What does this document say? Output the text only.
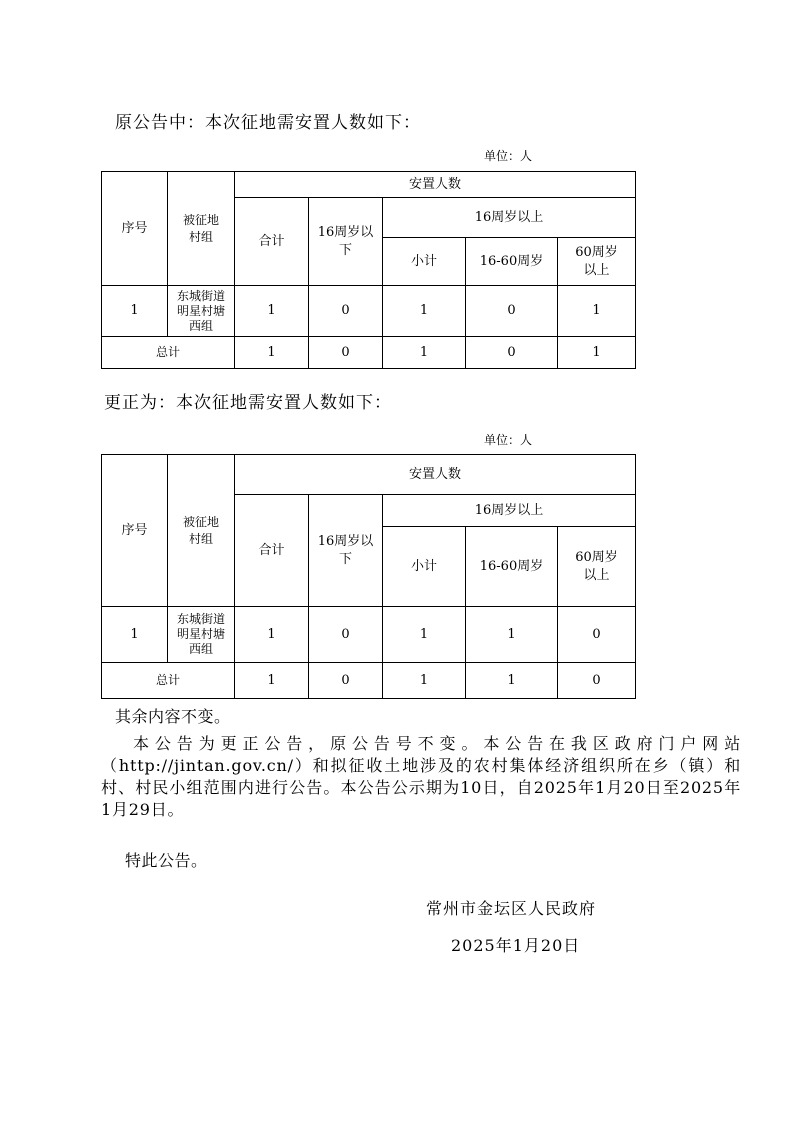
原公告中：本次征地需安置人数如下：
单位：人
序号	被征地村组	安置人数				
		合计	16周岁以下	16周岁以上		
				小计	16-60周岁	60周岁以上
1	东城街道明星村塘西组	1	0	1	0	1
总计		1	0	1	0	1
更正为：本次征地需安置人数如下：
单位：人
序号	被征地村组	安置人数				
		合计	16周岁以下	16周岁以上		
				小计	16-60周岁	60周岁以上
1	东城街道明星村塘西组	1	0	1	1	0
总计		1	0	1	1	0
其余内容不变。
本公告为更正公告，原公告号不变。本公告在我区政府门户网站（http://jintan.gov.cn/）和拟征收土地涉及的农村集体经济组织所在乡（镇）和村、村民小组范围内进行公告。本公告公示期为10日，自2025年1月20日至2025年1月29日。
特此公告。
常州市金坛区人民政府
2025年1月20日
